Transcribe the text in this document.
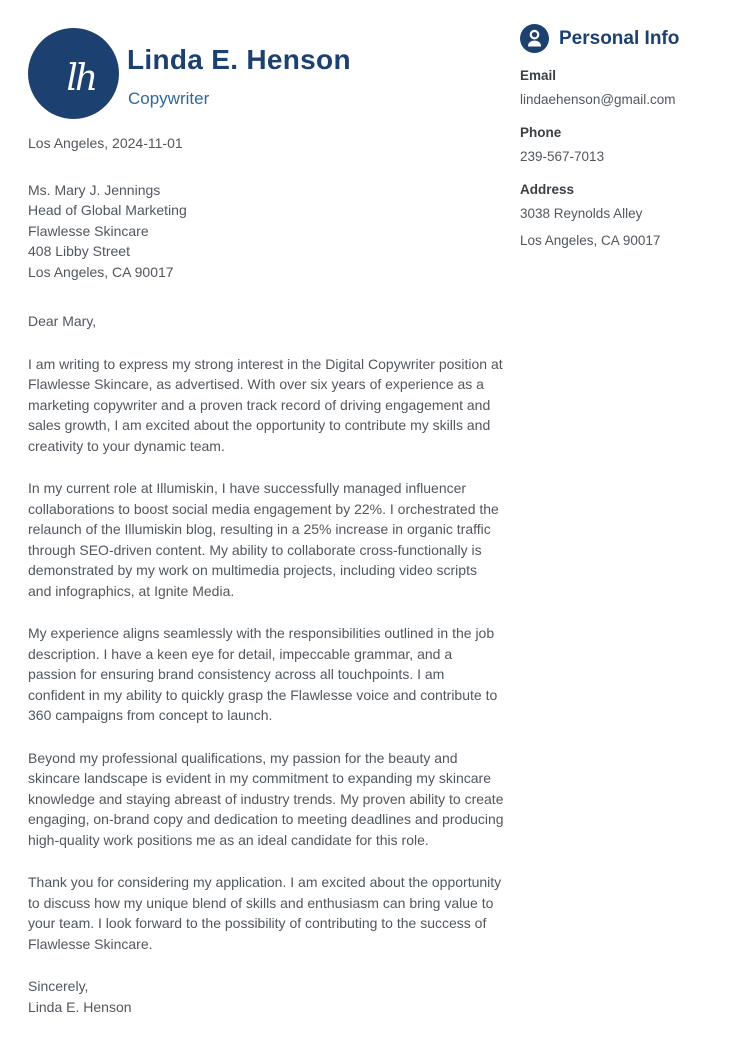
lh Linda E. Henson
Copywriter
Personal Info
Email
lindaehenson@gmail.com
Phone
239-567-7013
Address
3038 Reynolds Alley
Los Angeles, CA 90017

Los Angeles, 2024-11-01

Ms. Mary J. Jennings
Head of Global Marketing
Flawlesse Skincare
408 Libby Street
Los Angeles, CA 90017

Dear Mary,

I am writing to express my strong interest in the Digital Copywriter position at Flawlesse Skincare, as advertised. With over six years of experience as a marketing copywriter and a proven track record of driving engagement and sales growth, I am excited about the opportunity to contribute my skills and creativity to your dynamic team.

In my current role at Illumiskin, I have successfully managed influencer collaborations to boost social media engagement by 22%. I orchestrated the relaunch of the Illumiskin blog, resulting in a 25% increase in organic traffic through SEO-driven content. My ability to collaborate cross-functionally is demonstrated by my work on multimedia projects, including video scripts and infographics, at Ignite Media.

My experience aligns seamlessly with the responsibilities outlined in the job description. I have a keen eye for detail, impeccable grammar, and a passion for ensuring brand consistency across all touchpoints. I am confident in my ability to quickly grasp the Flawlesse voice and contribute to 360 campaigns from concept to launch.

Beyond my professional qualifications, my passion for the beauty and skincare landscape is evident in my commitment to expanding my skincare knowledge and staying abreast of industry trends. My proven ability to create engaging, on-brand copy and dedication to meeting deadlines and producing high-quality work positions me as an ideal candidate for this role.

Thank you for considering my application. I am excited about the opportunity to discuss how my unique blend of skills and enthusiasm can bring value to your team. I look forward to the possibility of contributing to the success of Flawlesse Skincare.

Sincerely,
Linda E. Henson
